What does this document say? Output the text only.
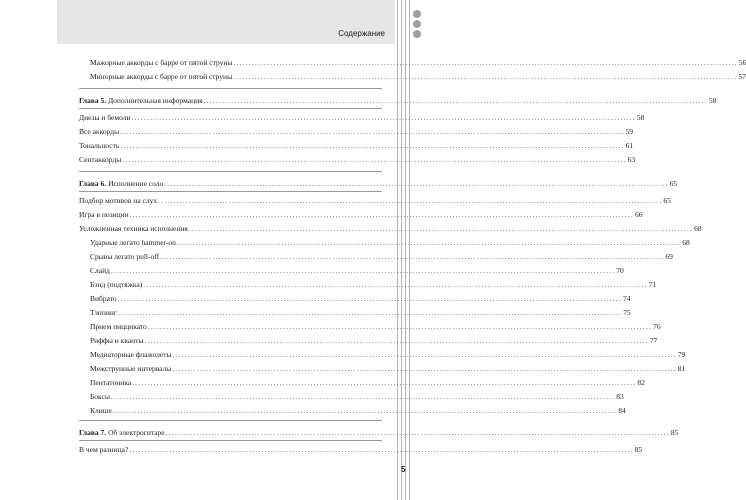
Содержание
Мажорные аккорды с барре от пятой струны .................................................................................................................................................................... 56
Минорные аккорды с барре от пятой струны .................................................................................................................................................................... 57
Глава 5. Дополнительная информация .................................................................................................................................................................... 58
Диезы и бемоли .................................................................................................................................................................... 58
Все аккорды .................................................................................................................................................................... 59
Тональность .................................................................................................................................................................... 61
Септаккорды .................................................................................................................................................................... 63
Глава 6. Исполнение соло .................................................................................................................................................................... 65
Подбор мотивов на слух .................................................................................................................................................................... 65
Игра в позиции .................................................................................................................................................................... 66
Усложненная техника исполнения .................................................................................................................................................................... 68
Ударные легато hammer-on .................................................................................................................................................................... 68
Срывы легато pull-off .................................................................................................................................................................... 69
Слайд .................................................................................................................................................................... 70
Бэнд (подтяжка) .................................................................................................................................................................... 71
Вибрато .................................................................................................................................................................... 74
Тэппинг .................................................................................................................................................................... 75
Прием пиццикато .................................................................................................................................................................... 76
Риффы и кванты .................................................................................................................................................................... 77
Медиаторные флажолеты .................................................................................................................................................................... 79
Межструнные интервалы .................................................................................................................................................................... 81
Пентатоника .................................................................................................................................................................... 82
Боксы .................................................................................................................................................................... 83
Клише .................................................................................................................................................................... 84
Глава 7. Об электрогитаре .................................................................................................................................................................... 85
В чем разница? .................................................................................................................................................................... 85
5
